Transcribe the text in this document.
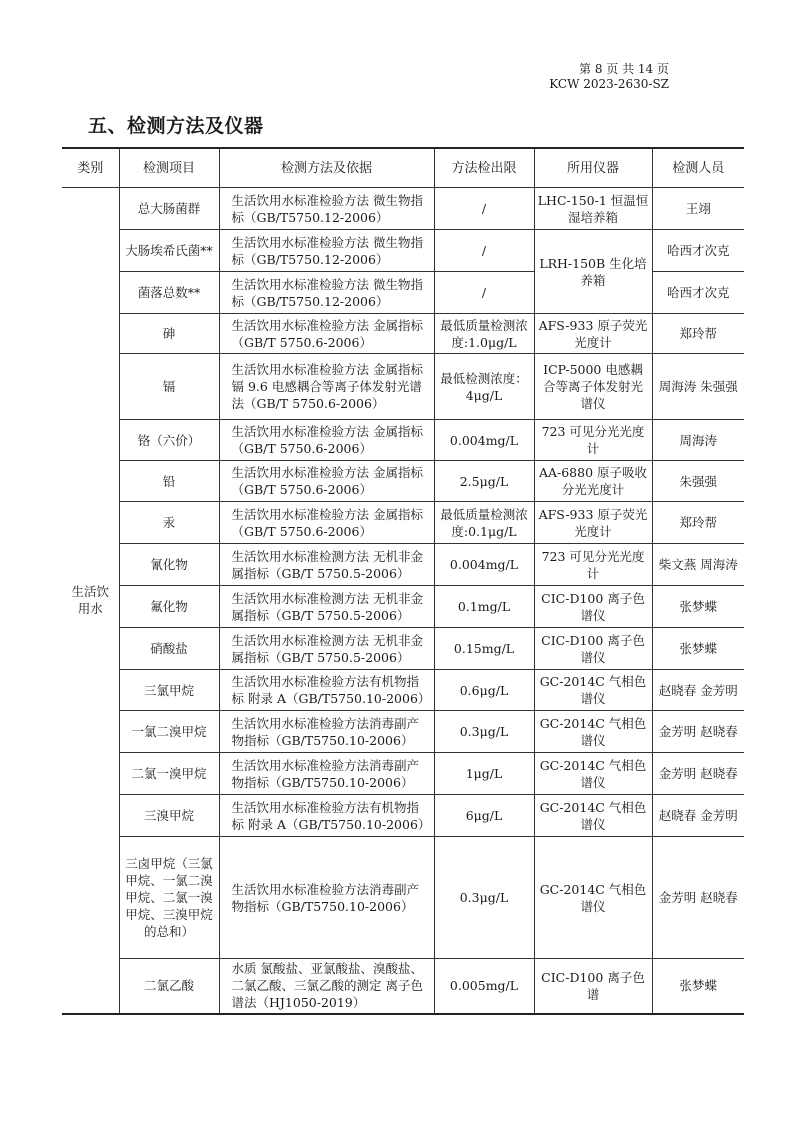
第 8 页 共 14 页
KCW 2023-2630-SZ
五、检测方法及仪器
类别	检测项目	检测方法及依据	方法检出限	所用仪器	检测人员
生活饮用水	总大肠菌群	生活饮用水标准检验方法 微生物指标（GB/T5750.12-2006）	/	LHC-150-1 恒温恒湿培养箱	王翊
	大肠埃希氏菌**	生活饮用水标准检验方法 微生物指标（GB/T5750.12-2006）	/	LRH-150B 生化培养箱	哈西才次克
	菌落总数**	生活饮用水标准检验方法 微生物指标（GB/T5750.12-2006）	/		哈西才次克
	砷	生活饮用水标准检验方法 金属指标（GB/T 5750.6-2006）	最低质量检测浓度:1.0μg/L	AFS-933 原子荧光光度计	郑玲帮
	镉	生活饮用水标准检验方法 金属指标 镉 9.6 电感耦合等离子体发射光谱法（GB/T 5750.6-2006）	最低检测浓度：4μg/L	ICP-5000 电感耦合等离子体发射光谱仪	周海涛 朱强强
	铬（六价）	生活饮用水标准检验方法 金属指标（GB/T 5750.6-2006）	0.004mg/L	723 可见分光光度计	周海涛
	铅	生活饮用水标准检验方法 金属指标（GB/T 5750.6-2006）	2.5μg/L	AA-6880 原子吸收分光光度计	朱强强
	汞	生活饮用水标准检验方法 金属指标（GB/T 5750.6-2006）	最低质量检测浓度:0.1μg/L	AFS-933 原子荧光光度计	郑玲帮
	氰化物	生活饮用水标准检测方法 无机非金属指标（GB/T 5750.5-2006）	0.004mg/L	723 可见分光光度计	柴文燕 周海涛
	氟化物	生活饮用水标准检测方法 无机非金属指标（GB/T 5750.5-2006）	0.1mg/L	CIC-D100 离子色谱仪	张梦蝶
	硝酸盐	生活饮用水标准检测方法 无机非金属指标（GB/T 5750.5-2006）	0.15mg/L	CIC-D100 离子色谱仪	张梦蝶
	三氯甲烷	生活饮用水标准检验方法有机物指标 附录 A（GB/T5750.10-2006）	0.6μg/L	GC-2014C 气相色谱仪	赵晓春 金芳明
	一氯二溴甲烷	生活饮用水标准检验方法消毒副产物指标（GB/T5750.10-2006）	0.3μg/L	GC-2014C 气相色谱仪	金芳明 赵晓春
	二氯一溴甲烷	生活饮用水标准检验方法消毒副产物指标（GB/T5750.10-2006）	1μg/L	GC-2014C 气相色谱仪	金芳明 赵晓春
	三溴甲烷	生活饮用水标准检验方法有机物指标 附录 A（GB/T5750.10-2006）	6μg/L	GC-2014C 气相色谱仪	赵晓春 金芳明
	三卤甲烷（三氯甲烷、一氯二溴甲烷、二氯一溴甲烷、三溴甲烷的总和）	生活饮用水标准检验方法消毒副产物指标（GB/T5750.10-2006）	0.3μg/L	GC-2014C 气相色谱仪	金芳明 赵晓春
	二氯乙酸	水质 氯酸盐、亚氯酸盐、溴酸盐、二氯乙酸、三氯乙酸的测定 离子色谱法（HJ1050-2019）	0.005mg/L	CIC-D100 离子色谱	张梦蝶
